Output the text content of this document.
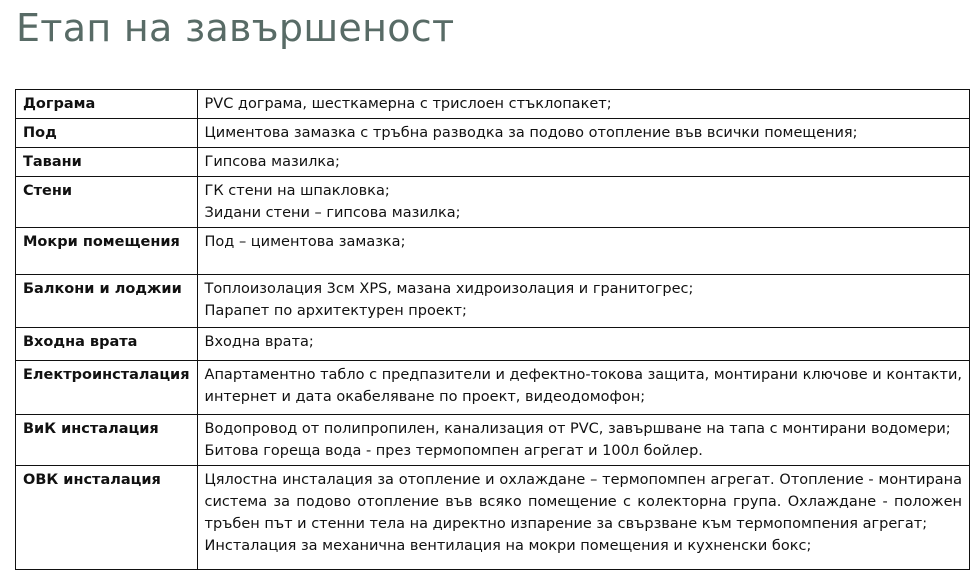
Етап на завършеност
Дограма	PVC дограма, шесткамерна с трислоен стъклопакет;

Под	Циментова замазка с тръбна разводка за подово отопление във всички помещения;

Тавани	Гипсова мазилка;

Стени	ГК стени на шпакловка;
Зидани стени – гипсова мазилка;

Мокри помещения	Под – циментова замазка;

Балкони и лоджии	Топлоизолация 3см XPS, мазана хидроизолация и гранитогрес;
Парапет по архитектурен проект;

Входна врата	Входна врата;

Електроинсталация	Апартаментно табло с предпазители и дефектно-токова защита, монтирани ключове и контакти,
интернет и дата окабеляване по проект, видеодомофон;

ВиК инсталация	Водопровод от полипропилен, канализация от PVC, завършване на тапа с монтирани водомери;
Битова гореща вода - през термопомпен агрегат и 100л бойлер.

ОВК инсталация	Цялостна инсталация за отопление и охлаждане – термопомпен агрегат. Отопление - монтирана система за подово отопление във всяко помещение с колекторна група. Охлаждане - положен тръбен път и стенни тела на директно изпарение за свързване към термопомпения агрегат;
Инсталация за механична вентилация на мокри помещения и кухненски бокс;
